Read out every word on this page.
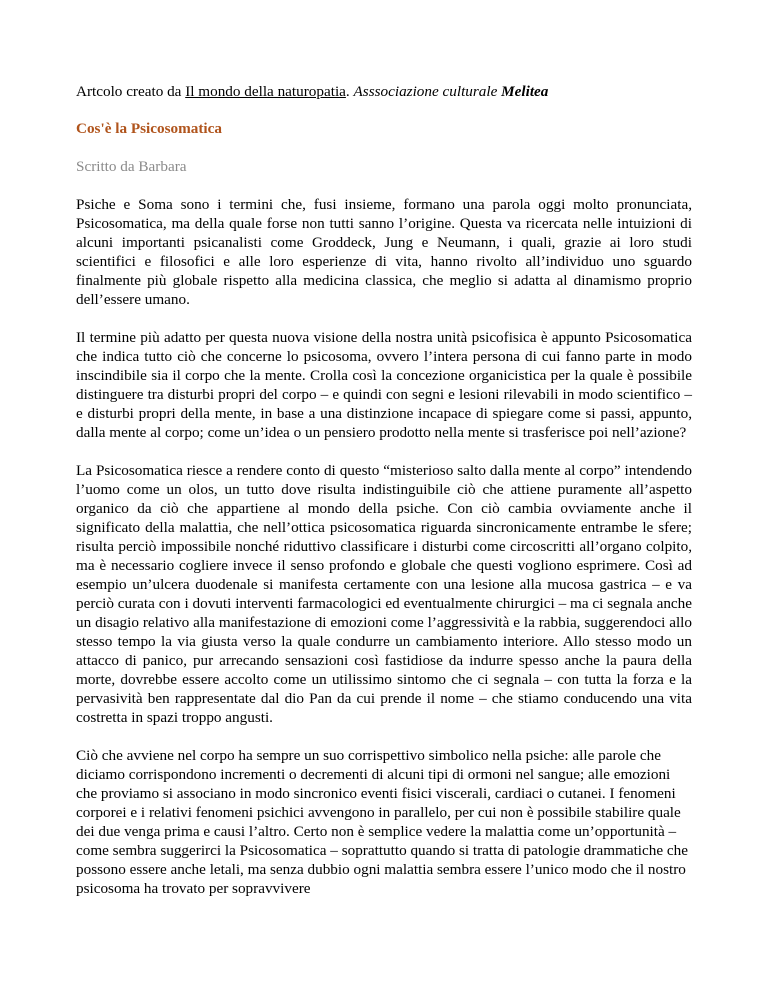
Artcolo creato da Il mondo della naturopatia. Asssociazione culturale Melitea

Cos'è la Psicosomatica

Scritto da Barbara

Psiche e Soma sono i termini che, fusi insieme, formano una parola oggi molto pronunciata, Psicosomatica, ma della quale forse non tutti sanno l’origine. Questa va ricercata nelle intuizioni di alcuni importanti psicanalisti come Groddeck, Jung e Neumann, i quali, grazie ai loro studi scientifici e filosofici e alle loro esperienze di vita, hanno rivolto all’individuo uno sguardo finalmente più globale rispetto alla medicina classica, che meglio si adatta al dinamismo proprio dell’essere umano.

Il termine più adatto per questa nuova visione della nostra unità psicofisica è appunto Psicosomatica che indica tutto ciò che concerne lo psicosoma, ovvero l’intera persona di cui fanno parte in modo inscindibile sia il corpo che la mente. Crolla così la concezione organicistica per la quale è possibile distinguere tra disturbi propri del corpo – e quindi con segni e lesioni rilevabili in modo scientifico – e disturbi propri della mente, in base a una distinzione incapace di spiegare come si passi, appunto, dalla mente al corpo; come un’idea o un pensiero prodotto nella mente si trasferisce poi nell’azione?

La Psicosomatica riesce a rendere conto di questo “misterioso salto dalla mente al corpo” intendendo l’uomo come un olos, un tutto dove risulta indistinguibile ciò che attiene puramente all’aspetto organico da ciò che appartiene al mondo della psiche. Con ciò cambia ovviamente anche il significato della malattia, che nell’ottica psicosomatica riguarda sincronicamente entrambe le sfere; risulta perciò impossibile nonché riduttivo classificare i disturbi come circoscritti all’organo colpito, ma è necessario cogliere invece il senso profondo e globale che questi vogliono esprimere. Così ad esempio un’ulcera duodenale si manifesta certamente con una lesione alla mucosa gastrica – e va perciò curata con i dovuti interventi farmacologici ed eventualmente chirurgici – ma ci segnala anche un disagio relativo alla manifestazione di emozioni come l’aggressività e la rabbia, suggerendoci allo stesso tempo la via giusta verso la quale condurre un cambiamento interiore. Allo stesso modo un attacco di panico, pur arrecando sensazioni così fastidiose da indurre spesso anche la paura della morte, dovrebbe essere accolto come un utilissimo sintomo che ci segnala – con tutta la forza e la pervasività ben rappresentate dal dio Pan da cui prende il nome – che stiamo conducendo una vita costretta in spazi troppo angusti.

Ciò che avviene nel corpo ha sempre un suo corrispettivo simbolico nella psiche: alle parole che diciamo corrispondono incrementi o decrementi di alcuni tipi di ormoni nel sangue; alle emozioni che proviamo si associano in modo sincronico eventi fisici viscerali, cardiaci o cutanei. I fenomeni corporei e i relativi fenomeni psichici avvengono in parallelo, per cui non è possibile stabilire quale dei due venga prima e causi l’altro. Certo non è semplice vedere la malattia come un’opportunità – come sembra suggerirci la Psicosomatica – soprattutto quando si tratta di patologie drammatiche che possono essere anche letali, ma senza dubbio ogni malattia sembra essere l’unico modo che il nostro psicosoma ha trovato per sopravvivere
